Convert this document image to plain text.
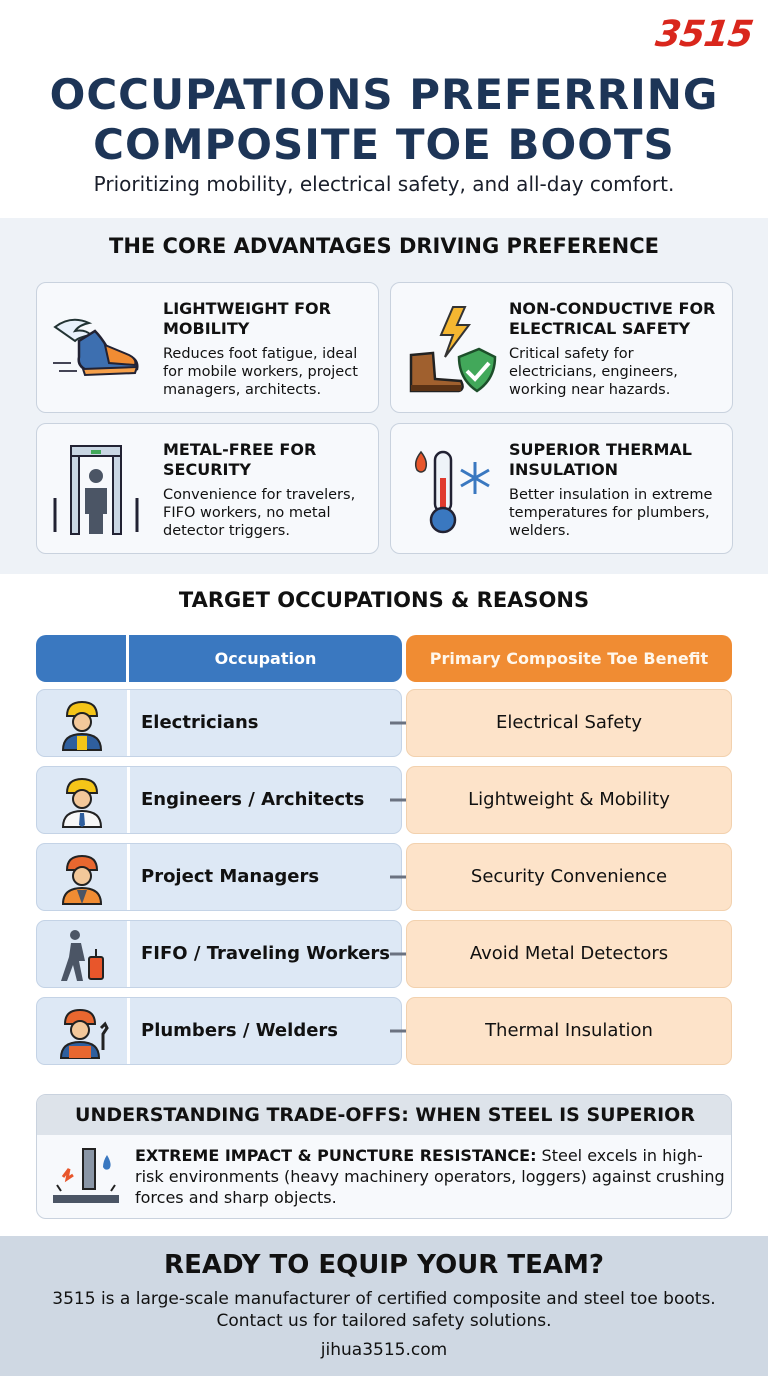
3515
OCCUPATIONS PREFERRING
COMPOSITE TOE BOOTS
Prioritizing mobility, electrical safety, and all-day comfort.
THE CORE ADVANTAGES DRIVING PREFERENCE
LIGHTWEIGHT FOR MOBILITY
Reduces foot fatigue, ideal for mobile workers, project managers, architects.
NON-CONDUCTIVE FOR ELECTRICAL SAFETY
Critical safety for electricians, engineers, working near hazards.
METAL-FREE FOR SECURITY
Convenience for travelers, FIFO workers, no metal detector triggers.
SUPERIOR THERMAL INSULATION
Better insulation in extreme temperatures for plumbers, welders.
TARGET OCCUPATIONS & REASONS
Occupation	Primary Composite Toe Benefit
Electricians	Electrical Safety
Engineers / Architects	Lightweight & Mobility
Project Managers	Security Convenience
FIFO / Traveling Workers	Avoid Metal Detectors
Plumbers / Welders	Thermal Insulation
UNDERSTANDING TRADE-OFFS: WHEN STEEL IS SUPERIOR
EXTREME IMPACT & PUNCTURE RESISTANCE: Steel excels in high-risk environments (heavy machinery operators, loggers) against crushing forces and sharp objects.
READY TO EQUIP YOUR TEAM?
3515 is a large-scale manufacturer of certified composite and steel toe boots. Contact us for tailored safety solutions.
jihua3515.com
